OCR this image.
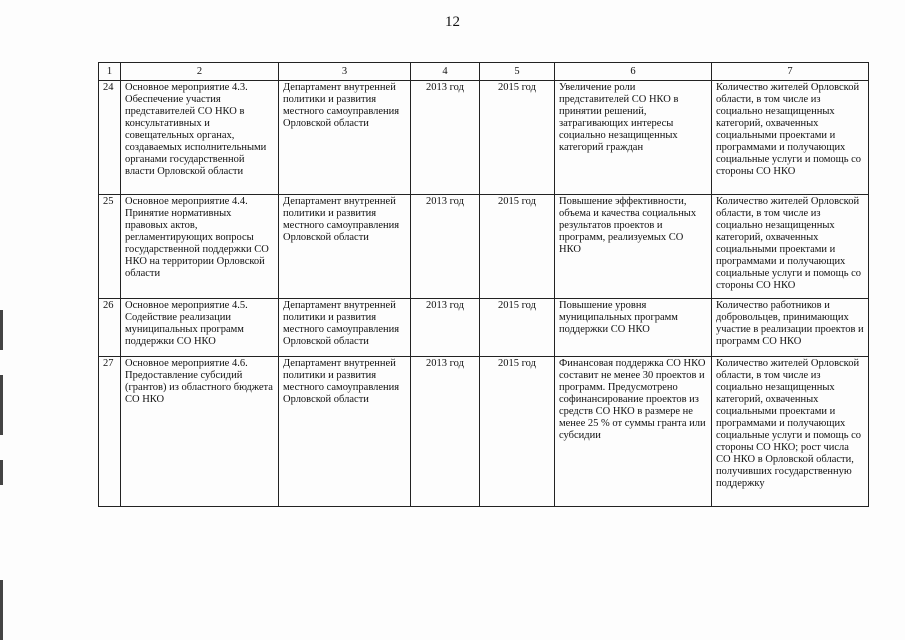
12
1	2	3	4	5	6	7
24	Основное мероприятие 4.3. Обеспечение участия представителей СО НКО в консультативных и совещательных органах, создаваемых исполнительными органами государственной власти Орловской области	Департамент внутренней политики и развития местного самоуправления Орловской области	2013 год	2015 год	Увеличение роли представителей СО НКО в принятии решений, затрагивающих интересы социально незащищенных категорий граждан	Количество жителей Орловской области, в том числе из социально незащищенных категорий, охваченных социальными проектами и программами и получающих социальные услуги и помощь со стороны СО НКО
25	Основное мероприятие 4.4. Принятие нормативных правовых актов, регламентирующих вопросы государственной поддержки СО НКО на территории Орловской области	Департамент внутренней политики и развития местного самоуправления Орловской области	2013 год	2015 год	Повышение эффективности, объема и качества социальных результатов проектов и программ, реализуемых СО НКО	Количество жителей Орловской области, в том числе из социально незащищенных категорий, охваченных социальными проектами и программами и получающих социальные услуги и помощь со стороны СО НКО
26	Основное мероприятие 4.5. Содействие реализации муниципальных программ поддержки СО НКО	Департамент внутренней политики и развития местного самоуправления Орловской области	2013 год	2015 год	Повышение уровня муниципальных программ поддержки СО НКО	Количество работников и добровольцев, принимающих участие в реализации проектов и программ СО НКО
27	Основное мероприятие 4.6. Предоставление субсидий (грантов) из областного бюджета СО НКО	Департамент внутренней политики и развития местного самоуправления Орловской области	2013 год	2015 год	Финансовая поддержка СО НКО составит не менее 30 проектов и программ. Предусмотрено софинансирование проектов из средств СО НКО в размере не менее 25 % от суммы гранта или субсидии	Количество жителей Орловской области, в том числе из социально незащищенных категорий, охваченных социальными проектами и программами и получающих социальные услуги и помощь со стороны СО НКО; рост числа СО НКО в Орловской области, получивших государственную поддержку
